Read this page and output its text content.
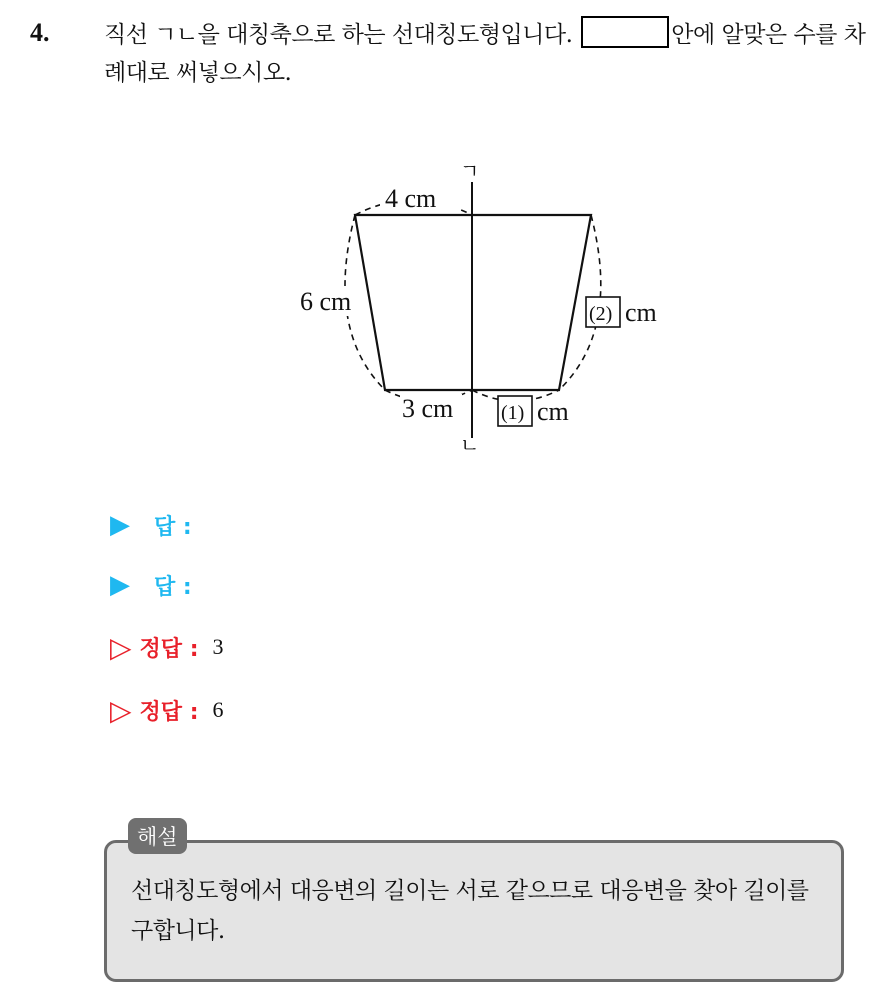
4. 직선 ㄱㄴ을 대칭축으로 하는 선대칭도형입니다.	안에 알맞은 수를 차례대로 써넣으시오.
ㄱ
ㄴ
4 cm
6 cm
3 cm (1) cm
(2) cm
▶ 답 :
▶ 답 :
▷ 정답 : 3
▷ 정답 : 6
선대칭도형에서 대응변의 길이는 서로 같으므로 대응변을 찾아 길이를 구합니다.
해설
